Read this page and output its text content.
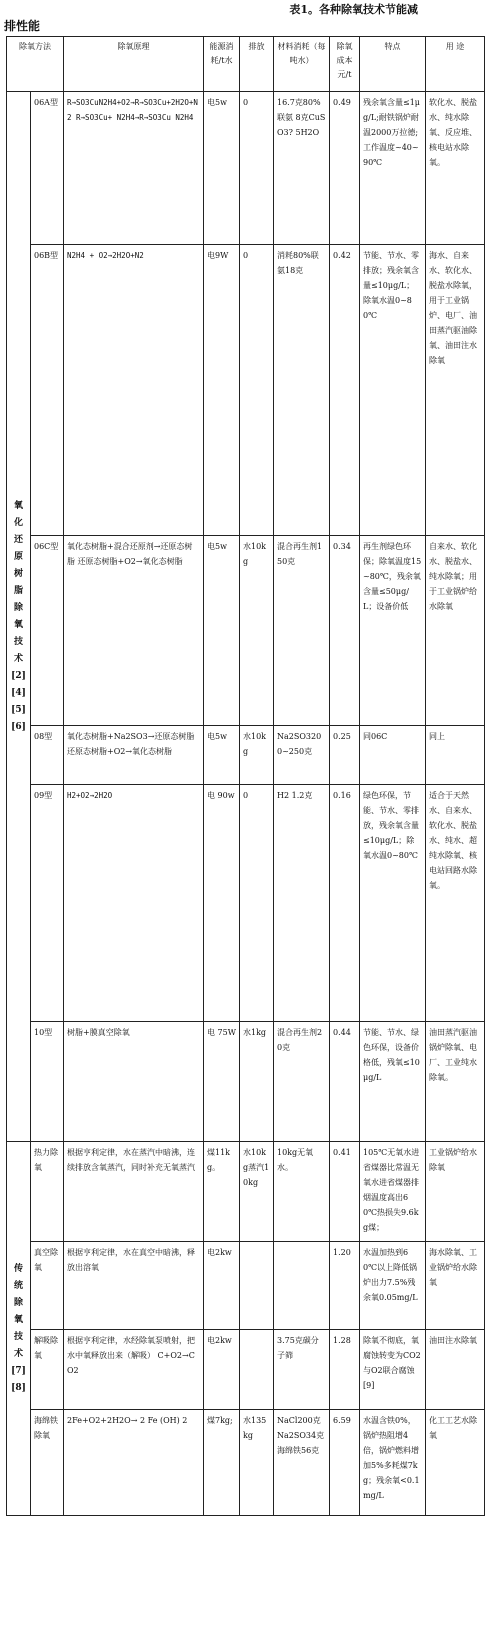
表1。各种除氧技术节能减
排性能
除氧方法		除氧原理	能源消耗/t水	排放	材料消耗（每吨水）	除氧成本元/t	特点	用 途
氧化还原树脂除氧技术[2][4][5][6]	06A型	R→SO3CuN2H4+O2→R→SO3Cu+2H2O+N2 R→SO3Cu+ N2H4→R→SO3Cu N2H4	电5w	0	16.7克80%联氨 8克CuSO3? 5H2O	0.49	残余氧含量≤1μg/L;耐铁锅炉耐温2000万拉德;工作温度~40~90℃	软化水、脱盐水、纯水除氧、反应堆、核电站水除氧。
	06B型	N2H4 + O2→2H2O+N2	电9W	0	消耗80%联氨18克	0.42	节能、节水、零排放；残余氧含量≤10μg/L；除氧水温0~80℃	海水、自来水、软化水、脱盐水除氧，用于工业锅炉、电厂、油田蒸汽驱油除氧、油田注水除氧
	06C型	氧化态树脂+混合还原剂→还原态树脂 还原态树脂+O2→氧化态树脂	电5w	水10kg	混合再生剂150克	0.34	再生剂绿色环保；除氧温度15~80℃，残余氧含量≤50μg/L；设备价低	自来水、软化水、脱盐水、纯水除氧；用于工业锅炉给水除氧
	08型	氧化态树脂+Na2SO3→还原态树脂还原态树脂+O2→氧化态树脂	电5w	水10kg	Na2SO3200~250克	0.25	同06C	同上
	09型	H2+O2→2H2O	电 90w	0	H2 1.2克	0.16	绿色环保，节能、节水、零排放，残余氧含量≤10μg/L；除氧水温0~80℃	适合于天然水、自来水、软化水、脱盐水、纯水、超纯水除氧、核电站回路水除氧。
	10型	树脂+膜真空除氧	电 75W	水1kg	混合再生剂20克	0.44	节能、节水、绿色环保，设备价格低，残氧≤10μg/L	油田蒸汽驱油锅炉除氧、电厂、工业纯水除氧。
传统除氧技术[7][8]	热力除氧	根据亨利定律，水在蒸汽中暗沸，连续排放含氧蒸汽，同时补充无氧蒸汽	煤11kg。	水10kg蒸汽10kg	10kg无氧水。	0.41	105℃无氧水进省煤器比常温无氧水进省煤器排烟温度高出60℃热损失9.6kg煤；	工业锅炉给水除氧
	真空除氧	根据亨利定律，水在真空中暗沸，释放出溶氧	电2kw			1.20	水温加热到60℃以上降低锅炉出力7.5%残余氧0.05mg/L	海水除氧、工业锅炉给水除氧
	解吸除氧	根据亨利定律，水经除氧泵喷射，把水中氧释放出来（解吸） C+O2→CO2	电2kw		3.75克碳分子筛	1.28	除氧不彻底，氧腐蚀转变为CO2与O2联合腐蚀[9]	油田注水除氧
	海绵铁除氧	2Fe+O2+2H2O→ 2 Fe (OH) 2	煤7kg;	水135kg	NaCl200克 Na2SO34克 海绵铁56克	6.59	水温含铁0%，锅炉热阻增4倍，锅炉燃料增加5%多耗煤7kg；残余氧<0.1mg/L	化工工艺水除氧
